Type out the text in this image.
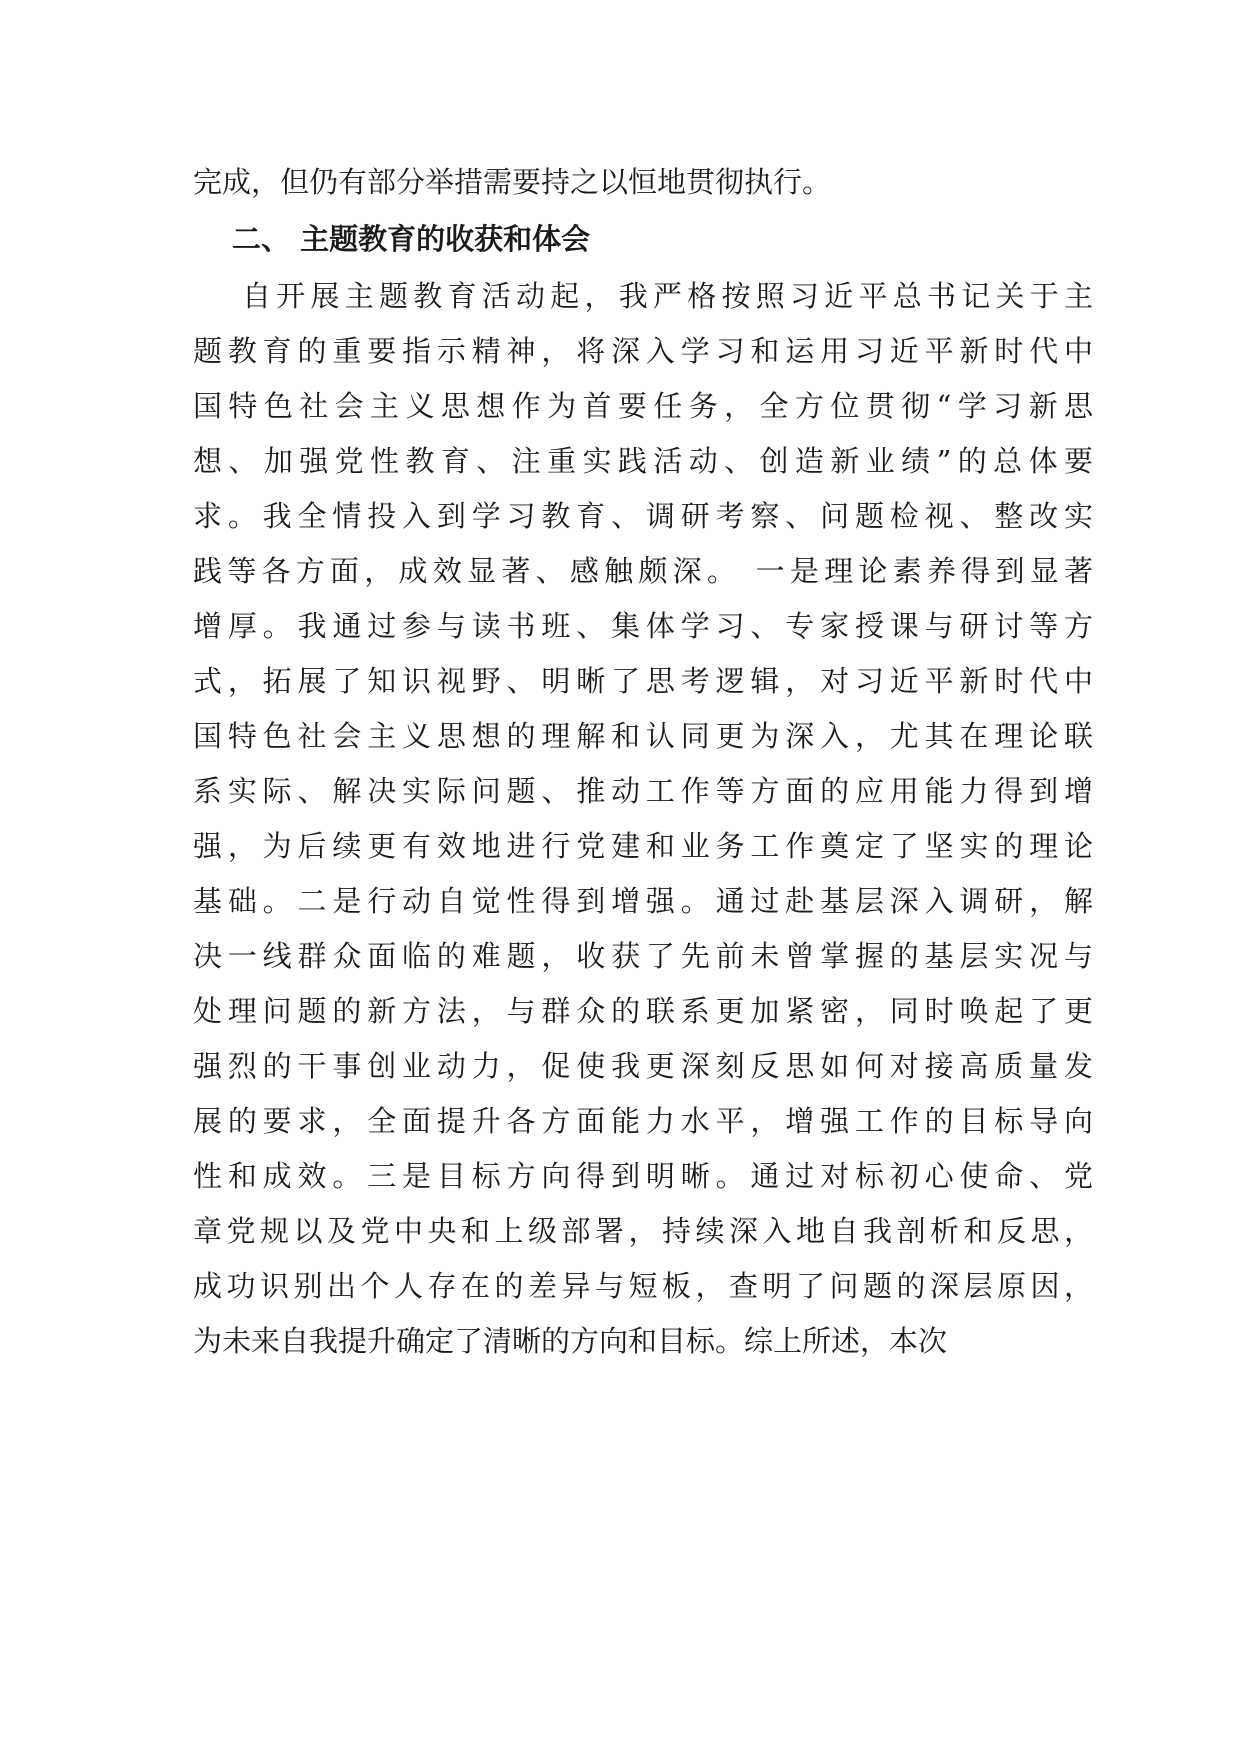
完成，但仍有部分举措需要持之以恒地贯彻执行。
二、 主题教育的收获和体会
自开展主题教育活动起，我严格按照习近平总书记关于主
题教育的重要指示精神，将深入学习和运用习近平新时代中
国特色社会主义思想作为首要任务，全方位贯彻“学习新思
想、加强党性教育、注重实践活动、创造新业绩”的总体要
求。我全情投入到学习教育、调研考察、问题检视、整改实
践等各方面，成效显著、感触颇深。 一是理论素养得到显著
增厚。我通过参与读书班、集体学习、专家授课与研讨等方
式，拓展了知识视野、明晰了思考逻辑，对习近平新时代中
国特色社会主义思想的理解和认同更为深入，尤其在理论联
系实际、解决实际问题、推动工作等方面的应用能力得到增
强，为后续更有效地进行党建和业务工作奠定了坚实的理论
基础。二是行动自觉性得到增强。通过赴基层深入调研，解
决一线群众面临的难题，收获了先前未曾掌握的基层实况与
处理问题的新方法，与群众的联系更加紧密，同时唤起了更
强烈的干事创业动力，促使我更深刻反思如何对接高质量发
展的要求，全面提升各方面能力水平，增强工作的目标导向
性和成效。三是目标方向得到明晰。通过对标初心使命、党
章党规以及党中央和上级部署，持续深入地自我剖析和反思，
成功识别出个人存在的差异与短板，查明了问题的深层原因，
为未来自我提升确定了清晰的方向和目标。综上所述，本次
